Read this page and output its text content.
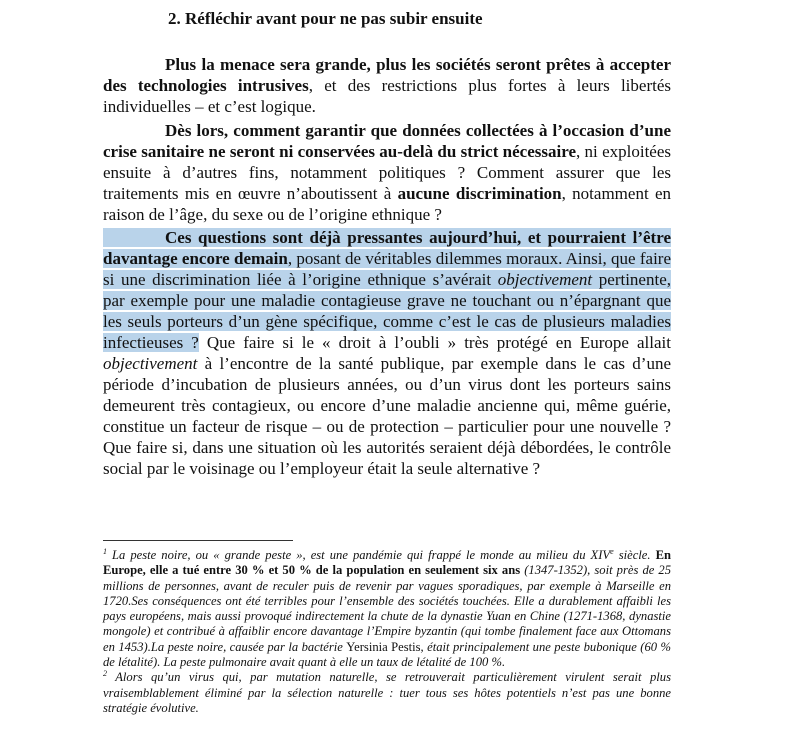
2. Réfléchir avant pour ne pas subir ensuite

Plus la menace sera grande, plus les sociétés seront prêtes à accepter des technologies intrusives, et des restrictions plus fortes à leurs libertés individuelles – et c’est logique.

Dès lors, comment garantir que données collectées à l’occasion d’une crise sanitaire ne seront ni conservées au-delà du strict nécessaire, ni exploitées ensuite à d’autres fins, notamment politiques ? Comment assurer que les traitements mis en œuvre n’aboutissent à aucune discrimination, notamment en raison de l’âge, du sexe ou de l’origine ethnique ?

Ces questions sont déjà pressantes aujourd’hui, et pourraient l’être davantage encore demain, posant de véritables dilemmes moraux. Ainsi, que faire si une discrimination liée à l’origine ethnique s’avérait objectivement pertinente, par exemple pour une maladie contagieuse grave ne touchant ou n’épargnant que les seuls porteurs d’un gène spécifique, comme c’est le cas de plusieurs maladies infectieuses ? Que faire si le « droit à l’oubli » très protégé en Europe allait objectivement à l’encontre de la santé publique, par exemple dans le cas d’une période d’incubation de plusieurs années, ou d’un virus dont les porteurs sains demeurent très contagieux, ou encore d’une maladie ancienne qui, même guérie, constitue un facteur de risque – ou de protection – particulier pour une nouvelle ? Que faire si, dans une situation où les autorités seraient déjà débordées, le contrôle social par le voisinage ou l’employeur était la seule alternative ?

$^1$ La peste noire, ou « grande peste », est une pandémie qui frappé le monde au milieu du XIVe siècle. En Europe, elle a tué entre 30 % et 50 % de la population en seulement six ans (1347-1352), soit près de 25 millions de personnes, avant de reculer puis de revenir par vagues sporadiques, par exemple à Marseille en 1720.Ses conséquences ont été terribles pour l’ensemble des sociétés touchées. Elle a durablement affaibli les pays européens, mais aussi provoqué indirectement la chute de la dynastie Yuan en Chine (1271-1368, dynastie mongole) et contribué à affaiblir encore davantage l’Empire byzantin (qui tombe finalement face aux Ottomans en 1453).La peste noire, causée par la bactérie Yersinia Pestis, était principalement une peste bubonique (60 % de létalité). La peste pulmonaire avait quant à elle un taux de létalité de 100 %.

$^2$ Alors qu’un virus qui, par mutation naturelle, se retrouverait particulièrement virulent serait plus vraisemblablement éliminé par la sélection naturelle : tuer tous ses hôtes potentiels n’est pas une bonne stratégie évolutive.
